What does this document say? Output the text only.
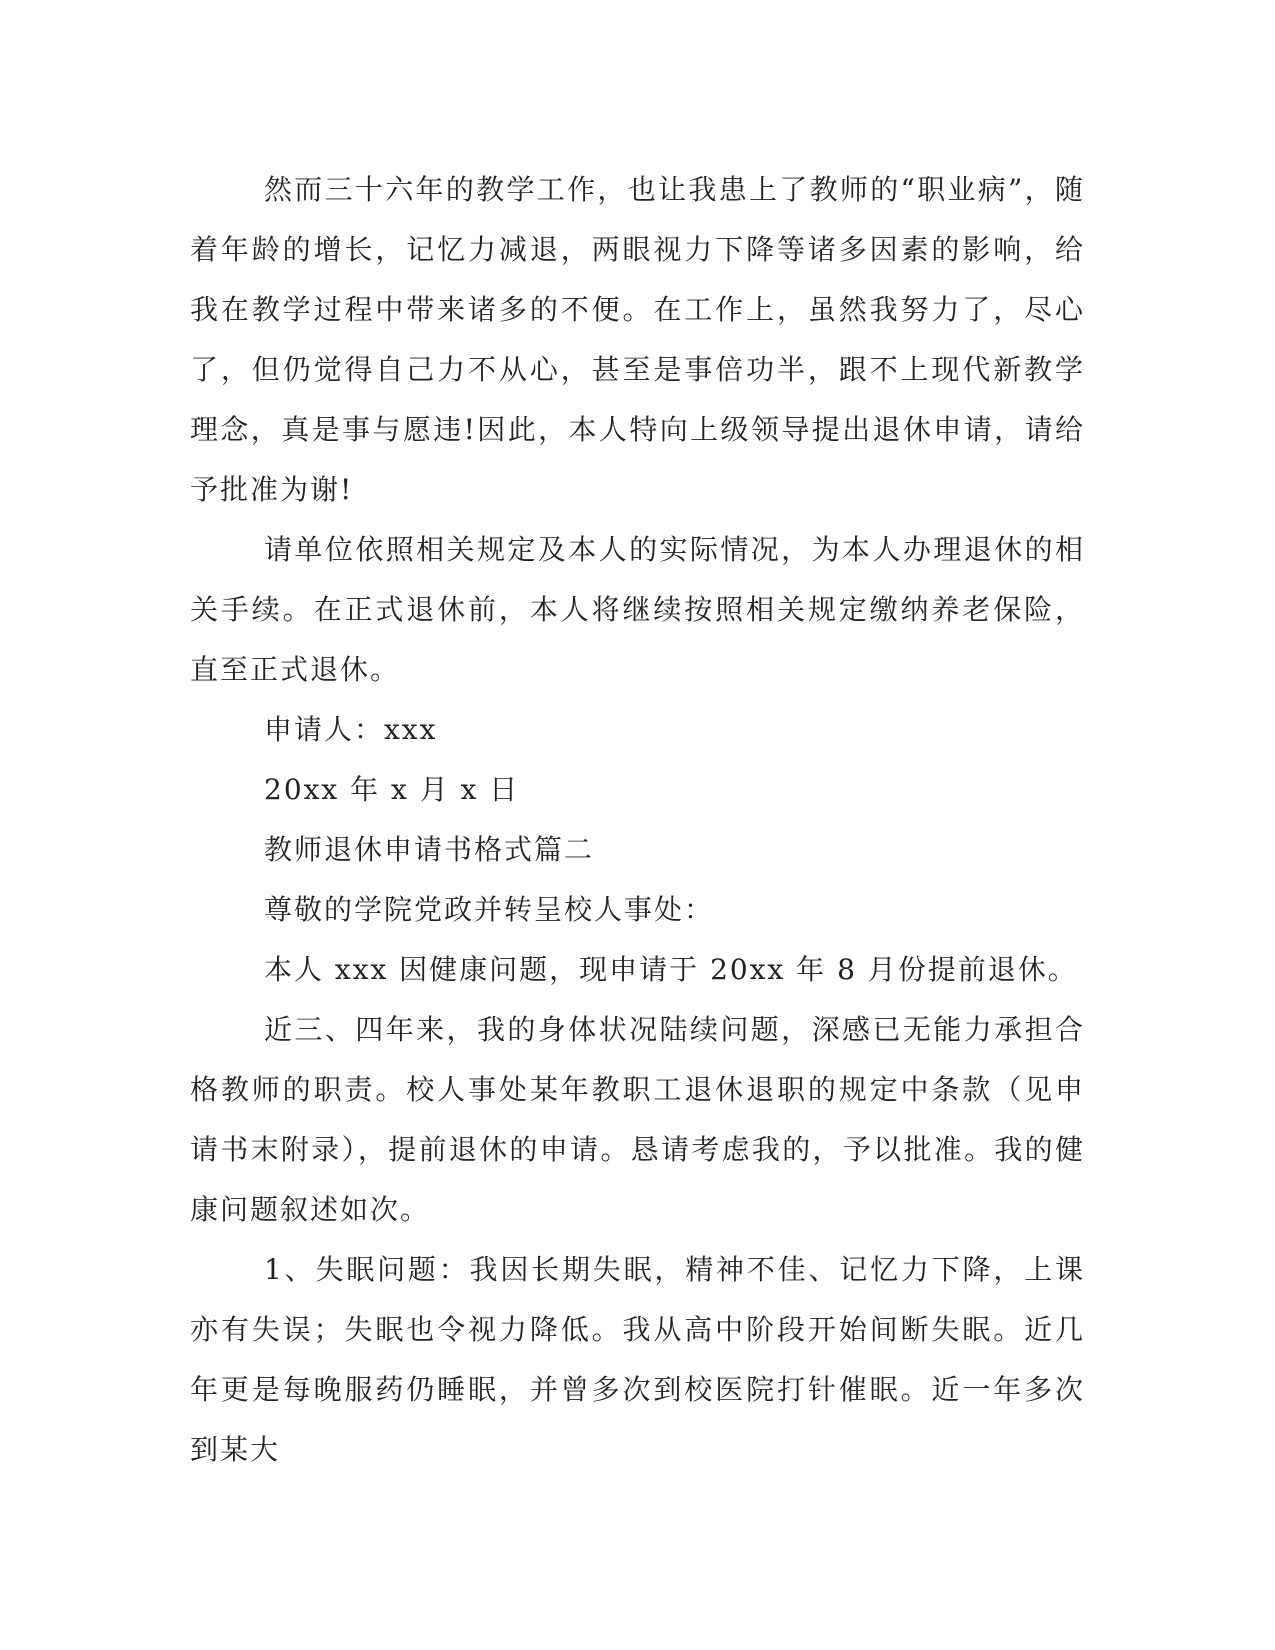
然而三十六年的教学工作，也让我患上了教师的“职业病”，随着年龄的增长，记忆力减退，两眼视力下降等诸多因素的影响，给我在教学过程中带来诸多的不便。在工作上，虽然我努力了，尽心了，但仍觉得自己力不从心，甚至是事倍功半，跟不上现代新教学理念，真是事与愿违!因此，本人特向上级领导提出退休申请，请给予批准为谢!

请单位依照相关规定及本人的实际情况，为本人办理退休的相关手续。在正式退休前，本人将继续按照相关规定缴纳养老保险，直至正式退休。

申请人：xxx

20xx 年 x 月 x 日

教师退休申请书格式篇二

尊敬的学院党政并转呈校人事处：

本人 xxx 因健康问题，现申请于 20xx 年 8 月份提前退休。

近三、四年来，我的身体状况陆续问题，深感已无能力承担合格教师的职责。校人事处某年教职工退休退职的规定中条款（见申请书末附录），提前退休的申请。恳请考虑我的，予以批准。我的健康问题叙述如次。

1、失眠问题：我因长期失眠，精神不佳、记忆力下降，上课亦有失误；失眠也令视力降低。我从高中阶段开始间断失眠。近几年更是每晚服药仍睡眠，并曾多次到校医院打针催眠。近一年多次到某大
